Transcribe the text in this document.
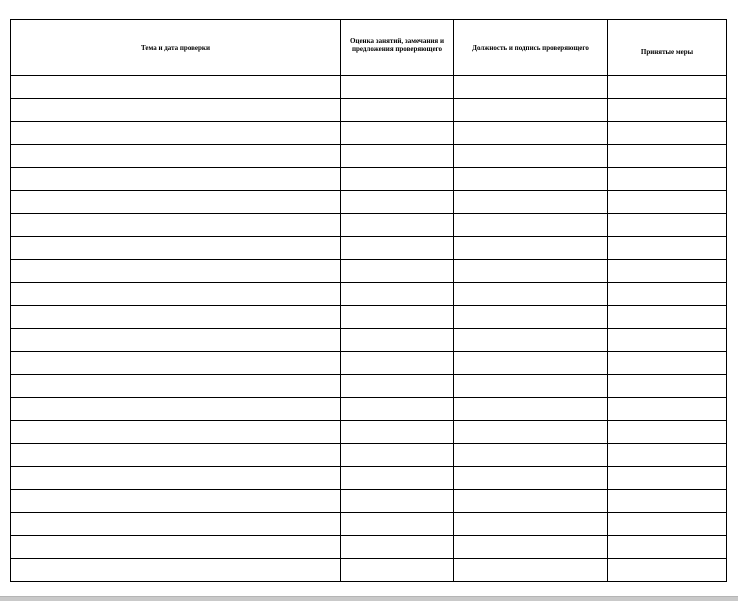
Тема и дата проверки	Оценка занятий, замечания и предложения проверяющего	Должность и подпись проверяющего	Принятые меры
